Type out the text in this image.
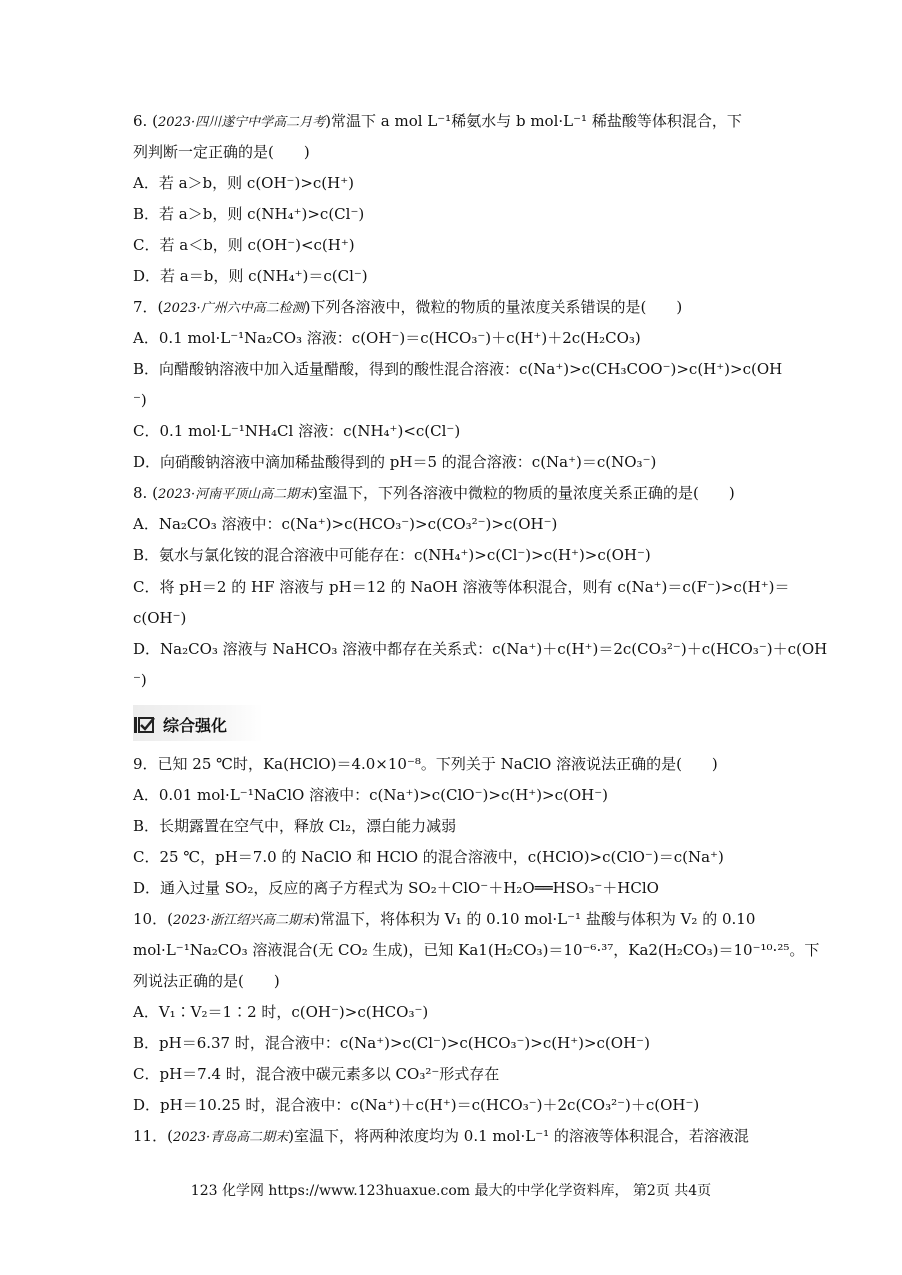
6. (2023·四川遂宁中学高二月考)常温下 a mol L⁻¹稀氨水与 b mol·L⁻¹ 稀盐酸等体积混合，下
列判断一定正确的是(　　)
A．若 a＞b，则 c(OH⁻)>c(H⁺)
B．若 a＞b，则 c(NH₄⁺)>c(Cl⁻)
C．若 a＜b，则 c(OH⁻)<c(H⁺)
D．若 a＝b，则 c(NH₄⁺)＝c(Cl⁻)
7．(2023·广州六中高二检测)下列各溶液中，微粒的物质的量浓度关系错误的是(　　)
A．0.1 mol·L⁻¹Na₂CO₃ 溶液：c(OH⁻)＝c(HCO₃⁻)＋c(H⁺)＋2c(H₂CO₃)
B．向醋酸钠溶液中加入适量醋酸，得到的酸性混合溶液：c(Na⁺)>c(CH₃COO⁻)>c(H⁺)>c(OH
⁻)
C．0.1 mol·L⁻¹NH₄Cl 溶液：c(NH₄⁺)<c(Cl⁻)
D．向硝酸钠溶液中滴加稀盐酸得到的 pH＝5 的混合溶液：c(Na⁺)＝c(NO₃⁻)
8. (2023·河南平顶山高二期末)室温下，下列各溶液中微粒的物质的量浓度关系正确的是(　　)
A．Na₂CO₃ 溶液中：c(Na⁺)>c(HCO₃⁻)>c(CO₃²⁻)>c(OH⁻)
B．氨水与氯化铵的混合溶液中可能存在：c(NH₄⁺)>c(Cl⁻)>c(H⁺)>c(OH⁻)
C．将 pH＝2 的 HF 溶液与 pH＝12 的 NaOH 溶液等体积混合，则有 c(Na⁺)＝c(F⁻)>c(H⁺)＝
c(OH⁻)
D．Na₂CO₃ 溶液与 NaHCO₃ 溶液中都存在关系式：c(Na⁺)＋c(H⁺)＝2c(CO₃²⁻)＋c(HCO₃⁻)＋c(OH
⁻)
综合强化
9．已知 25 ℃时，Ka(HClO)＝4.0×10⁻⁸。下列关于 NaClO 溶液说法正确的是(　　)
A．0.01 mol·L⁻¹NaClO 溶液中：c(Na⁺)>c(ClO⁻)>c(H⁺)>c(OH⁻)
B．长期露置在空气中，释放 Cl₂，漂白能力减弱
C．25 ℃，pH＝7.0 的 NaClO 和 HClO 的混合溶液中，c(HClO)>c(ClO⁻)＝c(Na⁺)
D．通入过量 SO₂，反应的离子方程式为 SO₂＋ClO⁻＋H₂O══HSO₃⁻＋HClO
10．(2023·浙江绍兴高二期末)常温下，将体积为 V₁ 的 0.10 mol·L⁻¹ 盐酸与体积为 V₂ 的 0.10
mol·L⁻¹Na₂CO₃ 溶液混合(无 CO₂ 生成)，已知 Ka1(H₂CO₃)＝10⁻⁶·³⁷，Ka2(H₂CO₃)＝10⁻¹⁰·²⁵。下
列说法正确的是(　　)
A．V₁∶V₂＝1∶2 时，c(OH⁻)>c(HCO₃⁻)
B．pH＝6.37 时，混合液中：c(Na⁺)>c(Cl⁻)>c(HCO₃⁻)>c(H⁺)>c(OH⁻)
C．pH＝7.4 时，混合液中碳元素多以 CO₃²⁻形式存在
D．pH＝10.25 时，混合液中：c(Na⁺)＋c(H⁺)＝c(HCO₃⁻)＋2c(CO₃²⁻)＋c(OH⁻)
11．(2023·青岛高二期末)室温下，将两种浓度均为 0.1 mol·L⁻¹ 的溶液等体积混合，若溶液混
123 化学网 https://www.123huaxue.com 最大的中学化学资料库， 第2页 共4页
